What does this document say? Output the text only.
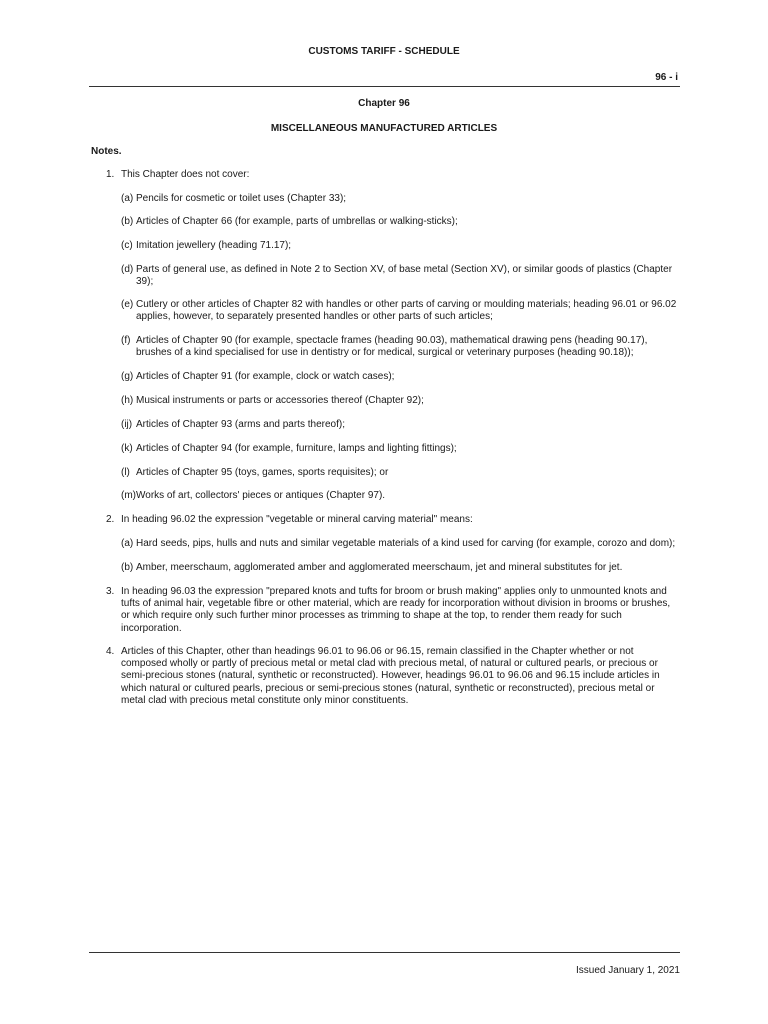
CUSTOMS TARIFF - SCHEDULE
96 - i
Chapter 96
MISCELLANEOUS MANUFACTURED ARTICLES
Notes.
1. This Chapter does not cover:
(a) Pencils for cosmetic or toilet uses (Chapter 33);
(b) Articles of Chapter 66 (for example, parts of umbrellas or walking-sticks);
(c) Imitation jewellery (heading 71.17);
(d) Parts of general use, as defined in Note 2 to Section XV, of base metal (Section XV), or similar goods of plastics (Chapter 39);
(e) Cutlery or other articles of Chapter 82 with handles or other parts of carving or moulding materials; heading 96.01 or 96.02 applies, however, to separately presented handles or other parts of such articles;
(f) Articles of Chapter 90 (for example, spectacle frames (heading 90.03), mathematical drawing pens (heading 90.17), brushes of a kind specialised for use in dentistry or for medical, surgical or veterinary purposes (heading 90.18));
(g) Articles of Chapter 91 (for example, clock or watch cases);
(h) Musical instruments or parts or accessories thereof (Chapter 92);
(ij) Articles of Chapter 93 (arms and parts thereof);
(k) Articles of Chapter 94 (for example, furniture, lamps and lighting fittings);
(l) Articles of Chapter 95 (toys, games, sports requisites); or
(m) Works of art, collectors' pieces or antiques (Chapter 97).
2. In heading 96.02 the expression "vegetable or mineral carving material" means:
(a) Hard seeds, pips, hulls and nuts and similar vegetable materials of a kind used for carving (for example, corozo and dom);
(b) Amber, meerschaum, agglomerated amber and agglomerated meerschaum, jet and mineral substitutes for jet.
3. In heading 96.03 the expression "prepared knots and tufts for broom or brush making" applies only to unmounted knots and tufts of animal hair, vegetable fibre or other material, which are ready for incorporation without division in brooms or brushes, or which require only such further minor processes as trimming to shape at the top, to render them ready for such incorporation.
4. Articles of this Chapter, other than headings 96.01 to 96.06 or 96.15, remain classified in the Chapter whether or not composed wholly or partly of precious metal or metal clad with precious metal, of natural or cultured pearls, or precious or semi-precious stones (natural, synthetic or reconstructed). However, headings 96.01 to 96.06 and 96.15 include articles in which natural or cultured pearls, precious or semi-precious stones (natural, synthetic or reconstructed), precious metal or metal clad with precious metal constitute only minor constituents.
Issued January 1, 2021
